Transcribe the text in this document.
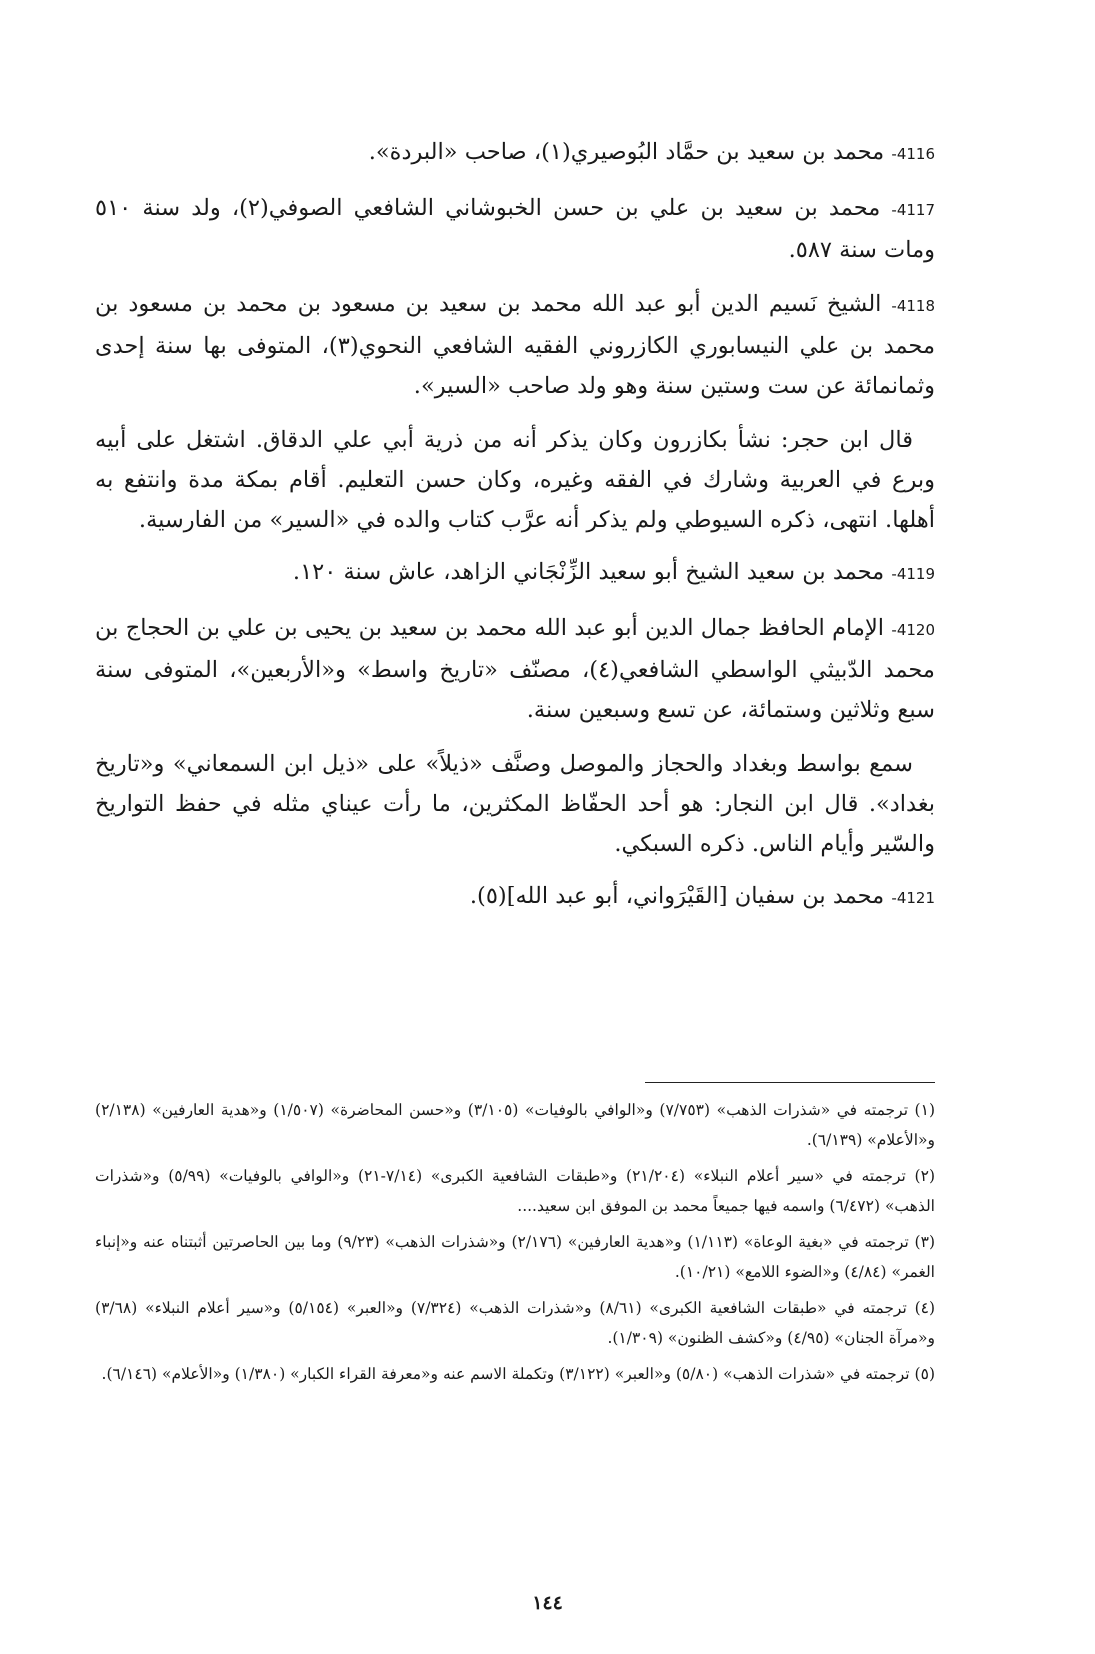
4116- محمد بن سعيد بن حمَّاد البُوصيري(١)، صاحب «البردة».
4117- محمد بن سعيد بن علي بن حسن الخبوشاني الشافعي الصوفي(٢)، ولد سنة ٥١٠ ومات سنة ٥٨٧.
4118- الشيخ نَسيم الدين أبو عبد الله محمد بن سعيد بن مسعود بن محمد بن مسعود بن محمد بن علي النيسابوري الكازروني الفقيه الشافعي النحوي(٣)، المتوفى بها سنة إحدى وثمانمائة عن ست وستين سنة وهو ولد صاحب «السير».
قال ابن حجر: نشأ بكازرون وكان يذكر أنه من ذرية أبي علي الدقاق. اشتغل على أبيه وبرع في العربية وشارك في الفقه وغيره، وكان حسن التعليم. أقام بمكة مدة وانتفع به أهلها. انتهى، ذكره السيوطي ولم يذكر أنه عرَّب كتاب والده في «السير» من الفارسية.
4119- محمد بن سعيد الشيخ أبو سعيد الزِّنْجَاني الزاهد، عاش سنة ١٢٠.
4120- الإمام الحافظ جمال الدين أبو عبد الله محمد بن سعيد بن يحيى بن علي بن الحجاج بن محمد الدّبيثي الواسطي الشافعي(٤)، مصنّف «تاريخ واسط» و«الأربعين»، المتوفى سنة سبع وثلاثين وستمائة، عن تسع وسبعين سنة.
سمع بواسط وبغداد والحجاز والموصل وصنَّف «ذيلاً» على «ذيل ابن السمعاني» و«تاريخ بغداد». قال ابن النجار: هو أحد الحفّاظ المكثرين، ما رأت عيناي مثله في حفظ التواريخ والسّير وأيام الناس. ذكره السبكي.
4121- محمد بن سفيان [القَيْرَواني، أبو عبد الله](٥).
(١) ترجمته في «شذرات الذهب» (٧/٧٥٣) و«الوافي بالوفيات» (٣/١٠٥) و«حسن المحاضرة» (١/٥٠٧) و«هدية العارفين» (٢/١٣٨) و«الأعلام» (٦/١٣٩).
(٢) ترجمته في «سير أعلام النبلاء» (٢١/٢٠٤) و«طبقات الشافعية الكبرى» (٧/١٤-٢١) و«الوافي بالوفيات» (٥/٩٩) و«شذرات الذهب» (٦/٤٧٢) واسمه فيها جميعاً محمد بن الموفق ابن سعيد....
(٣) ترجمته في «بغية الوعاة» (١/١١٣) و«هدية العارفين» (٢/١٧٦) و«شذرات الذهب» (٩/٢٣) وما بين الحاصرتين أثبتناه عنه و«إنباء الغمر» (٤/٨٤) و«الضوء اللامع» (١٠/٢١).
(٤) ترجمته في «طبقات الشافعية الكبرى» (٨/٦١) و«شذرات الذهب» (٧/٣٢٤) و«العبر» (٥/١٥٤) و«سير أعلام النبلاء» (٣/٦٨) و«مرآة الجنان» (٤/٩٥) و«كشف الظنون» (١/٣٠٩).
(٥) ترجمته في «شذرات الذهب» (٥/٨٠) و«العبر» (٣/١٢٢) وتكملة الاسم عنه و«معرفة القراء الكبار» (١/٣٨٠) و«الأعلام» (٦/١٤٦).
١٤٤
